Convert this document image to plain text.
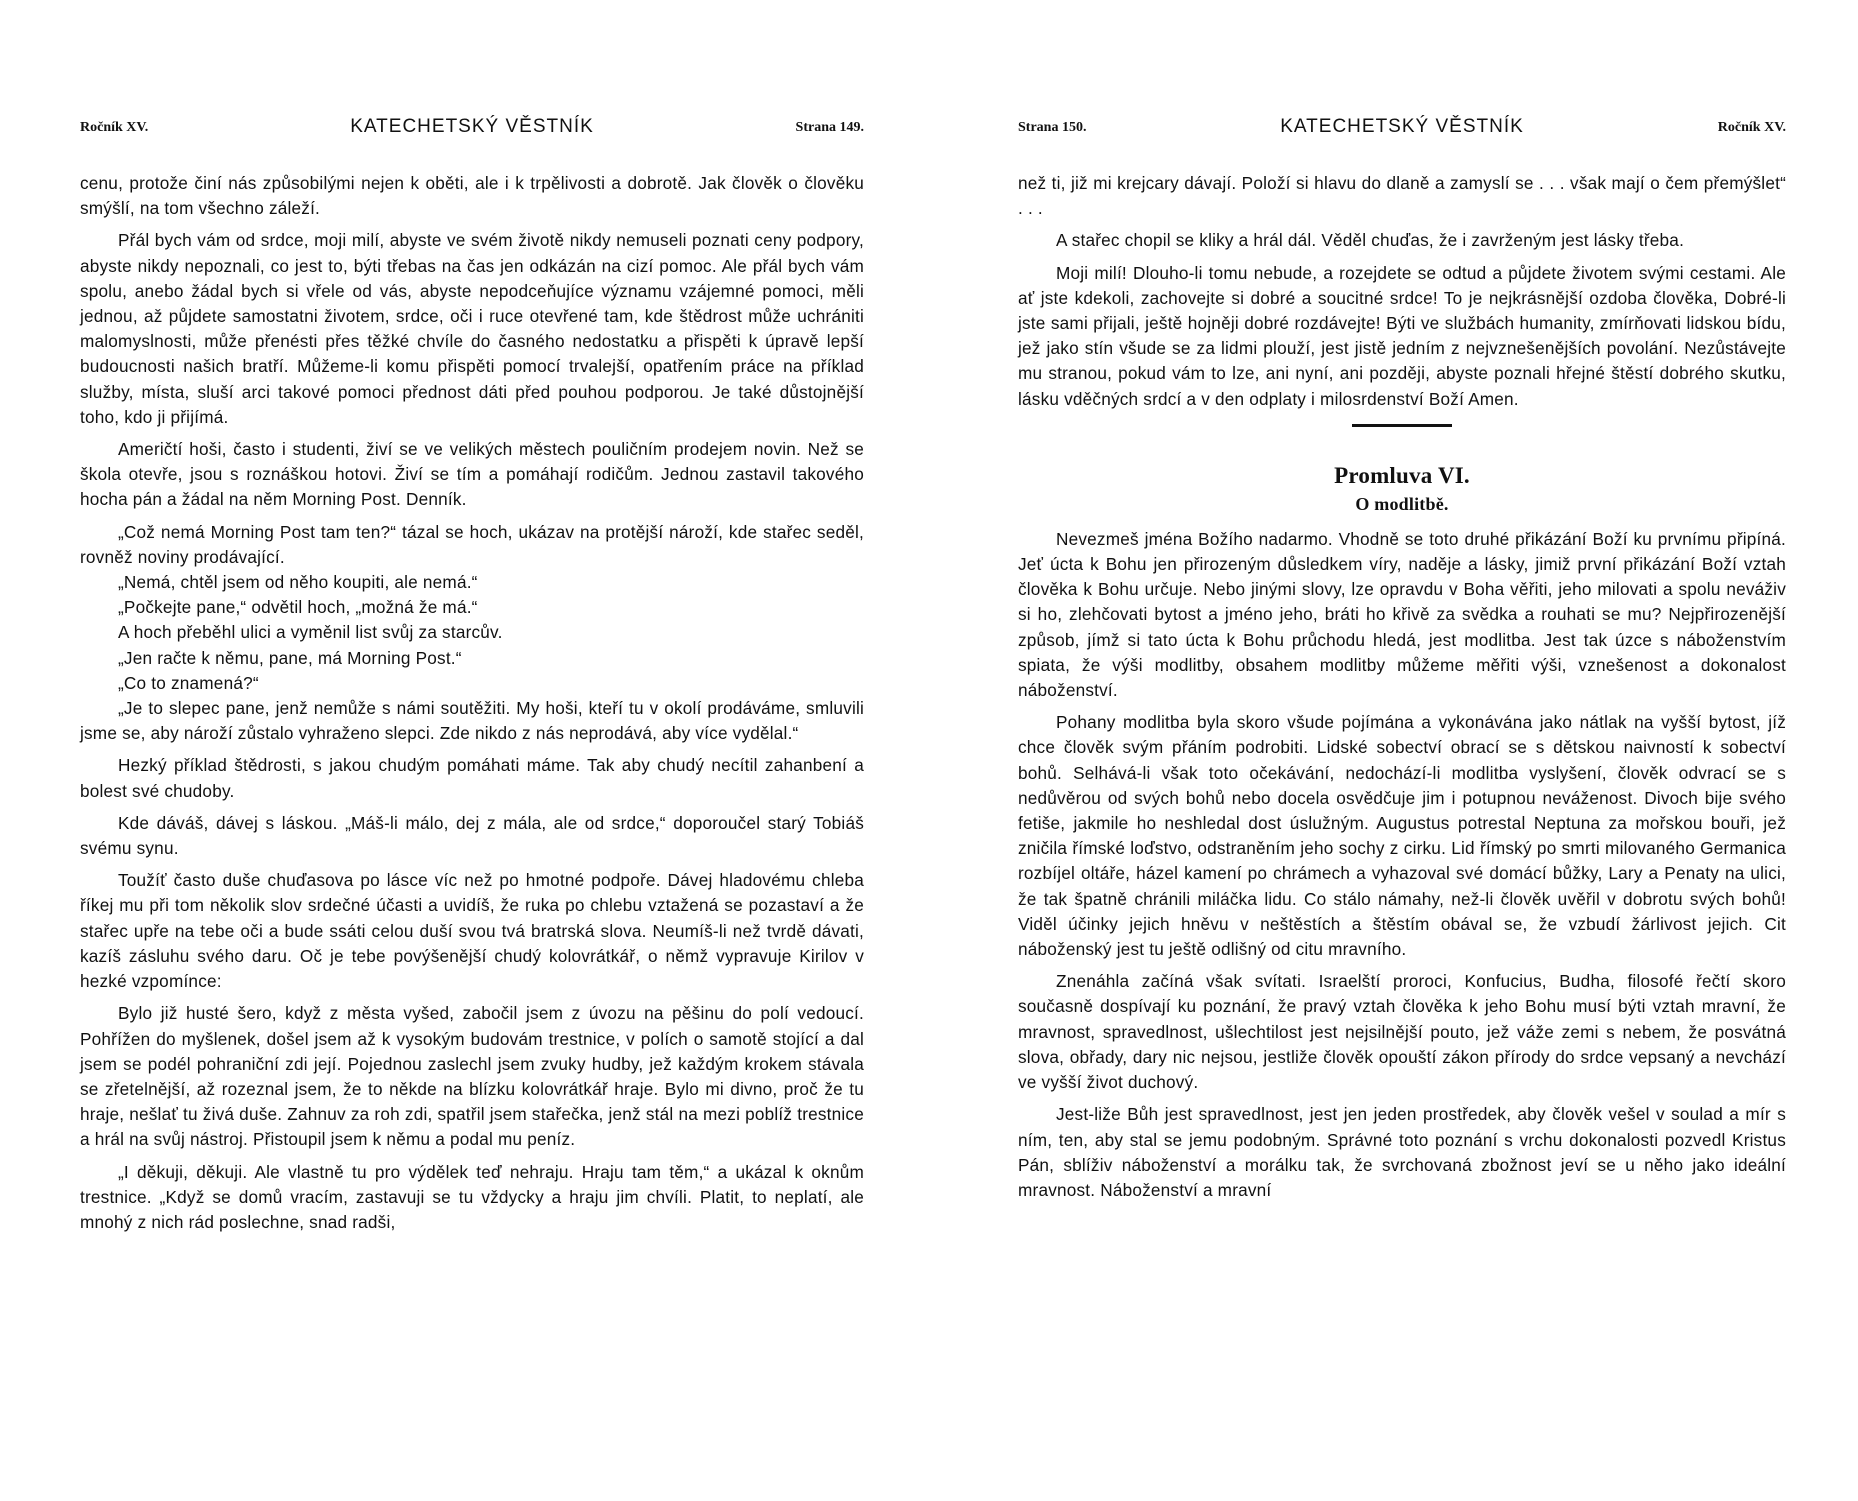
Ročník XV.	KATECHETSKÝ VĚSTNÍK	Strana 149.

cenu, protože činí nás způsobilými nejen k oběti, ale i k trpělivosti a dobrotě. Jak člověk o člověku smýšlí, na tom všechno záleží.

Přál bych vám od srdce, moji milí, abyste ve svém životě nikdy nemuseli poznati ceny podpory, abyste nikdy nepoznali, co jest to, býti třebas na čas jen odkázán na cizí pomoc. Ale přál bych vám spolu, anebo žádal bych si vřele od vás, abyste nepodceňujíce významu vzájemné pomoci, měli jednou, až půjdete samostatni životem, srdce, oči i ruce otevřené tam, kde štědrost může uchrániti malomyslnosti, může přenésti přes těžké chvíle do časného nedostatku a přispěti k úpravě lepší budoucnosti našich bratří. Můžeme-li komu přispěti pomocí trvalejší, opatřením práce na příklad služby, místa, sluší arci takové pomoci přednost dáti před pouhou podporou. Je také důstojnější toho, kdo ji přijímá.

Američtí hoši, často i studenti, živí se ve velikých městech pouličním prodejem novin. Než se škola otevře, jsou s roznáškou hotovi. Živí se tím a pomáhají rodičům. Jednou zastavil takového hocha pán a žádal na něm Morning Post. Denník.

„Což nemá Morning Post tam ten?“ tázal se hoch, ukázav na protější nároží, kde stařec seděl, rovněž noviny prodávající.

„Nemá, chtěl jsem od něho koupiti, ale nemá.“

„Počkejte pane,“ odvětil hoch, „možná že má.“

A hoch přeběhl ulici a vyměnil list svůj za starcův.

„Jen račte k němu, pane, má Morning Post.“

„Co to znamená?“

„Je to slepec pane, jenž nemůže s námi soutěžiti. My hoši, kteří tu v okolí prodáváme, smluvili jsme se, aby nároží zůstalo vyhraženo slepci. Zde nikdo z nás neprodává, aby více vydělal.“

Hezký příklad štědrosti, s jakou chudým pomáhati máme. Tak aby chudý necítil zahanbení a bolest své chudoby.

Kde dáváš, dávej s láskou. „Máš-li málo, dej z mála, ale od srdce,“ doporoučel starý Tobiáš svému synu.

Toužíť často duše chuďasova po lásce víc než po hmotné podpoře. Dávej hladovému chleba říkej mu při tom několik slov srdečné účasti a uvidíš, že ruka po chlebu vztažená se pozastaví a že stařec upře na tebe oči a bude ssáti celou duší svou tvá bratrská slova. Neumíš-li než tvrdě dávati, kazíš zásluhu svého daru. Oč je tebe povýšenější chudý kolovrátkář, o němž vypravuje Kirilov v hezké vzpomínce:

Bylo již husté šero, když z města vyšed, zabočil jsem z úvozu na pěšinu do polí vedoucí. Pohřížen do myšlenek, došel jsem až k vysokým budovám trestnice, v polích o samotě stojící a dal jsem se podél pohraniční zdi její. Pojednou zaslechl jsem zvuky hudby, jež každým krokem stávala se zřetelnější, až rozeznal jsem, že to někde na blízku kolovrátkář hraje. Bylo mi divno, proč že tu hraje, nešlať tu živá duše. Zahnuv za roh zdi, spatřil jsem stařečka, jenž stál na mezi poblíž trestnice a hrál na svůj nástroj. Přistoupil jsem k němu a podal mu peníz.

„I děkuji, děkuji. Ale vlastně tu pro výdělek teď nehraju. Hraju tam těm,“ a ukázal k oknům trestnice. „Když se domů vracím, zastavuji se tu vždycky a hraju jim chvíli. Platit, to neplatí, ale mnohý z nich rád poslechne, snad radši,

Strana 150.	KATECHETSKÝ VĚSTNÍK	Ročník XV.

než ti, již mi krejcary dávají. Položí si hlavu do dlaně a zamyslí se . . . však mají o čem přemýšlet“ . . .

A stařec chopil se kliky a hrál dál. Věděl chuďas, že i zavrženým jest lásky třeba.

Moji milí! Dlouho-li tomu nebude, a rozejdete se odtud a půjdete životem svými cestami. Ale ať jste kdekoli, zachovejte si dobré a soucitné srdce! To je nejkrásnější ozdoba člověka, Dobré-li jste sami přijali, ještě hojněji dobré rozdávejte! Býti ve službách humanity, zmírňovati lidskou bídu, jež jako stín všude se za lidmi plouží, jest jistě jedním z nejvznešenějších povolání. Nezůstávejte mu stranou, pokud vám to lze, ani nyní, ani později, abyste poznali hřejné štěstí dobrého skutku, lásku vděčných srdcí a v den odplaty i milosrdenství Boží Amen.

Promluva VI.
O modlitbě.

Nevezmeš jména Božího nadarmo. Vhodně se toto druhé přikázání Boží ku prvnímu připíná. Jeť úcta k Bohu jen přirozeným důsledkem víry, naděje a lásky, jimiž první přikázání Boží vztah člověka k Bohu určuje. Nebo jinými slovy, lze opravdu v Boha věřiti, jeho milovati a spolu neváživ si ho, zlehčovati bytost a jméno jeho, bráti ho křivě za svědka a rouhati se mu? Nejpřirozenější způsob, jímž si tato úcta k Bohu průchodu hledá, jest modlitba. Jest tak úzce s náboženstvím spiata, že výši modlitby, obsahem modlitby můžeme měřiti výši, vznešenost a dokonalost náboženství.

Pohany modlitba byla skoro všude pojímána a vykonávána jako nátlak na vyšší bytost, jíž chce člověk svým přáním podrobiti. Lidské sobectví obrací se s dětskou naivností k sobectví bohů. Selhává-li však toto očekávání, nedochází-li modlitba vyslyšení, člověk odvrací se s nedůvěrou od svých bohů nebo docela osvědčuje jim i potupnou neváženost. Divoch bije svého fetiše, jakmile ho neshledal dost úslužným. Augustus potrestal Neptuna za mořskou bouři, jež zničila římské loďstvo, odstraněním jeho sochy z cirku. Lid římský po smrti milovaného Germanica rozbíjel oltáře, házel kamení po chrámech a vyhazoval své domácí bůžky, Lary a Penaty na ulici, že tak špatně chránili miláčka lidu. Co stálo námahy, než-li člověk uvěřil v dobrotu svých bohů! Viděl účinky jejich hněvu v neštěstích a štěstím obával se, že vzbudí žárlivost jejich. Cit náboženský jest tu ještě odlišný od citu mravního.

Znenáhla začíná však svítati. Israelští proroci, Konfucius, Budha, filosofé řečtí skoro současně dospívají ku poznání, že pravý vztah člověka k jeho Bohu musí býti vztah mravní, že mravnost, spravedlnost, ušlechtilost jest nejsilnější pouto, jež váže zemi s nebem, že posvátná slova, obřady, dary nic nejsou, jestliže člověk opouští zákon přírody do srdce vepsaný a nevchází ve vyšší život duchový.

Jest-liže Bůh jest spravedlnost, jest jen jeden prostředek, aby člověk vešel v soulad a mír s ním, ten, aby stal se jemu podobným. Správné toto poznání s vrchu dokonalosti pozvedl Kristus Pán, sblíživ náboženství a morálku tak, že svrchovaná zbožnost jeví se u něho jako ideální mravnost. Náboženství a mravní
